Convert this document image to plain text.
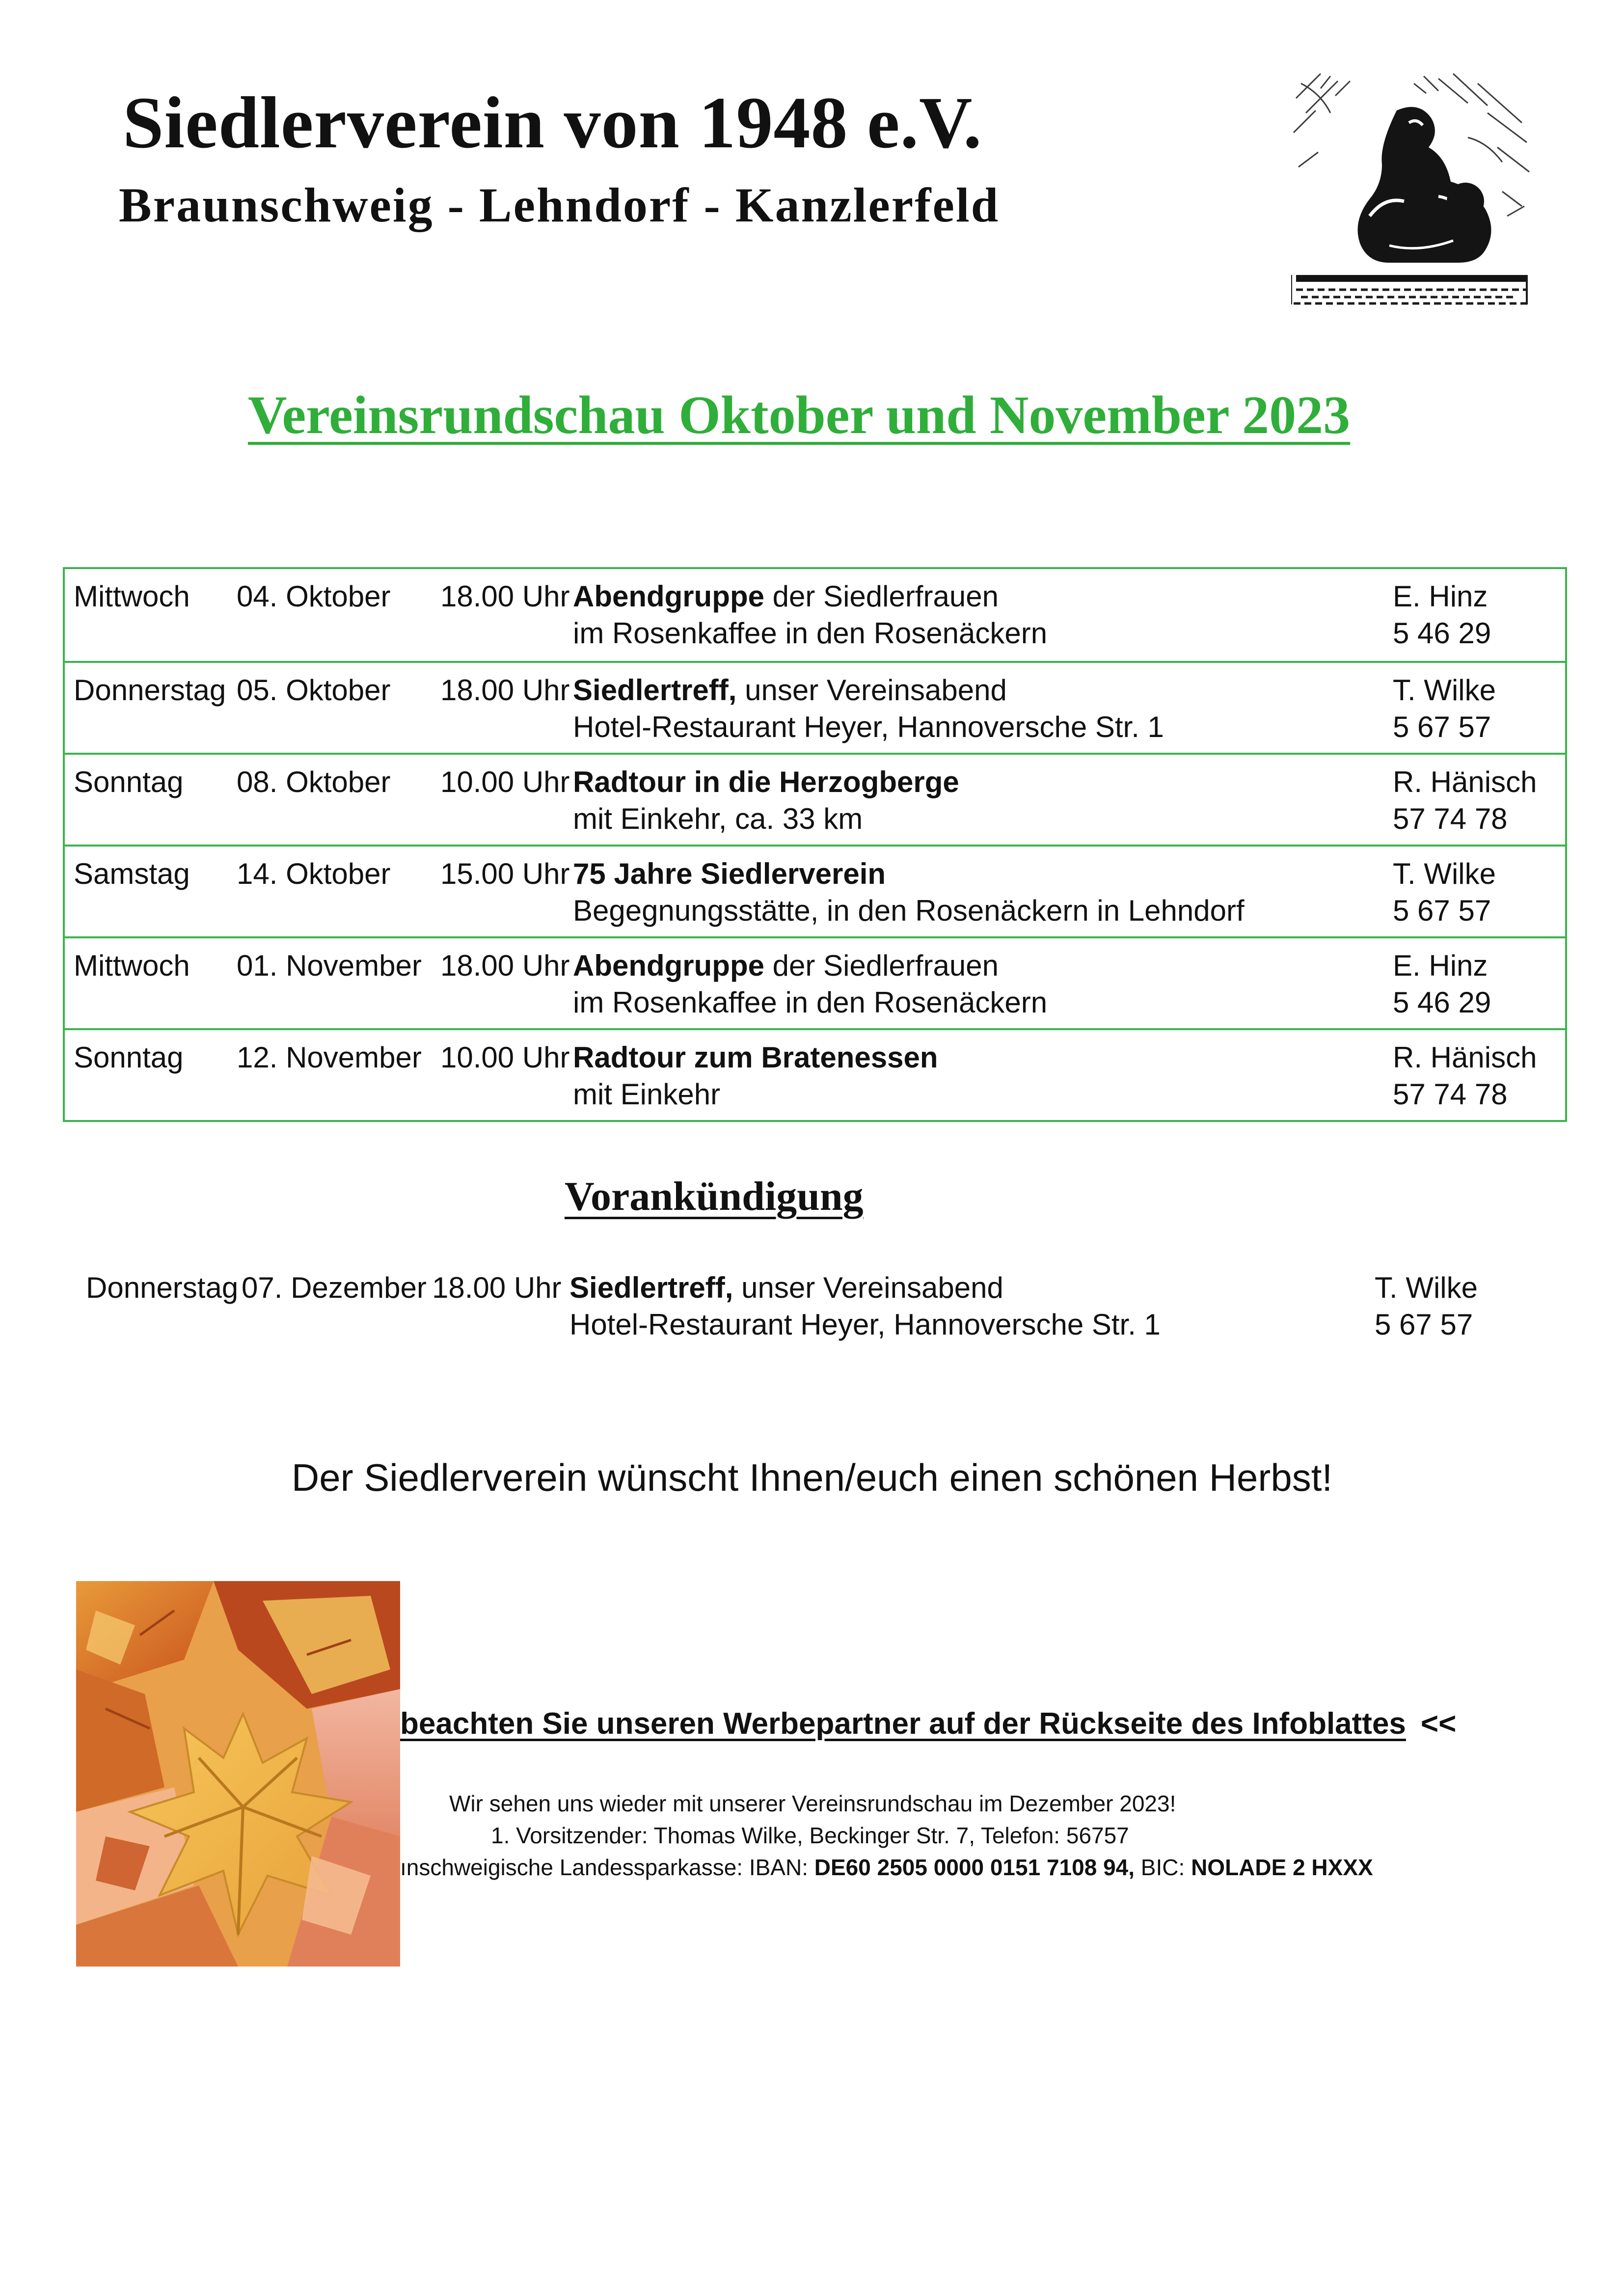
Siedlerverein von 1948 e.V.
Braunschweig - Lehndorf - Kanzlerfeld
Vereinsrundschau Oktober und November 2023
Mittwoch 04. Oktober 18.00 Uhr Abendgruppe der Siedlerfrauen
im Rosenkaffee in den Rosenäckern
E. Hinz
5 46 29
Donnerstag 05. Oktober 18.00 Uhr Siedlertreff, unser Vereinsabend
Hotel-Restaurant Heyer, Hannoversche Str. 1
T. Wilke
5 67 57
Sonntag 08. Oktober 10.00 Uhr Radtour in die Herzogberge
mit Einkehr, ca. 33 km
R. Hänisch
57 74 78
Samstag 14. Oktober 15.00 Uhr 75 Jahre Siedlerverein
Begegnungsstätte, in den Rosenäckern in Lehndorf
T. Wilke
5 67 57
Mittwoch 01. November 18.00 Uhr Abendgruppe der Siedlerfrauen
im Rosenkaffee in den Rosenäckern
E. Hinz
5 46 29
Sonntag 12. November 10.00 Uhr Radtour zum Bratenessen
mit Einkehr
R. Hänisch
57 74 78
Vorankündigung
Donnerstag 07. Dezember 18.00 Uhr Siedlertreff, unser Vereinsabend
Hotel-Restaurant Heyer, Hannoversche Str. 1
T. Wilke
5 67 57
Der Siedlerverein wünscht Ihnen/euch einen schönen Herbst!
beachten Sie unseren Werbepartner auf der Rückseite des Infoblattes <<
Wir sehen uns wieder mit unserer Vereinsrundschau im Dezember 2023!
1. Vorsitzender: Thomas Wilke, Beckinger Str. 7, Telefon: 56757
ınschweigische Landessparkasse: IBAN: DE60 2505 0000 0151 7108 94, BIC: NOLADE 2 HXXX
